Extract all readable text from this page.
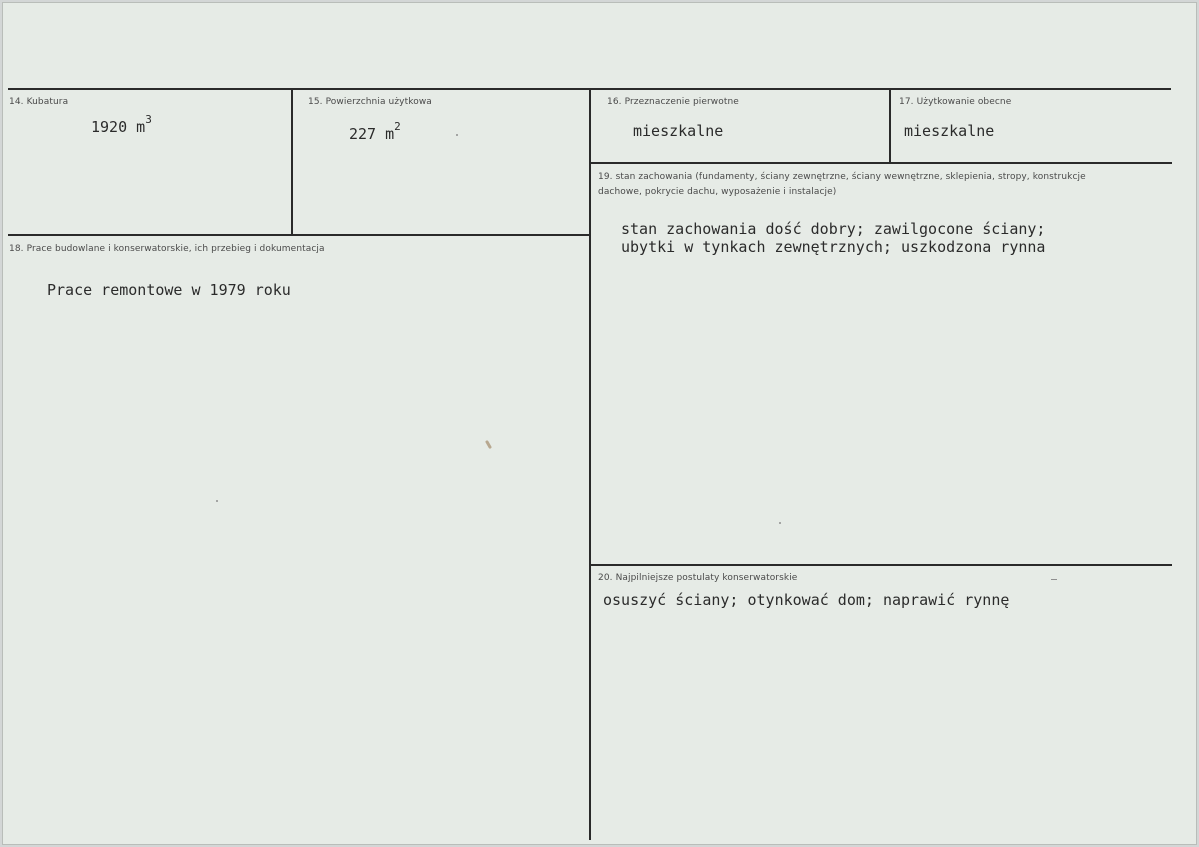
14. Kubatura
1920 $m^3$
15. Powierzchnia użytkowa
227 $m^2$
16. Przeznaczenie pierwotne
mieszkalne
17. Użytkowanie obecne
mieszkalne
18. Prace budowlane i konserwatorskie, ich przebieg i dokumentacja
Prace remontowe w 1979 roku
19. stan zachowania (fundamenty, ściany zewnętrzne, ściany wewnętrzne, sklepienia, stropy, konstrukcje dachowe, pokrycie dachu, wyposażenie i instalacje)
stan zachowania dość dobry; zawilgocone ściany;
ubytki w tynkach zewnętrznych; uszkodzona rynna
20. Najpilniejsze postulaty konserwatorskie
osuszyć ściany; otynkować dom; naprawić rynnę
